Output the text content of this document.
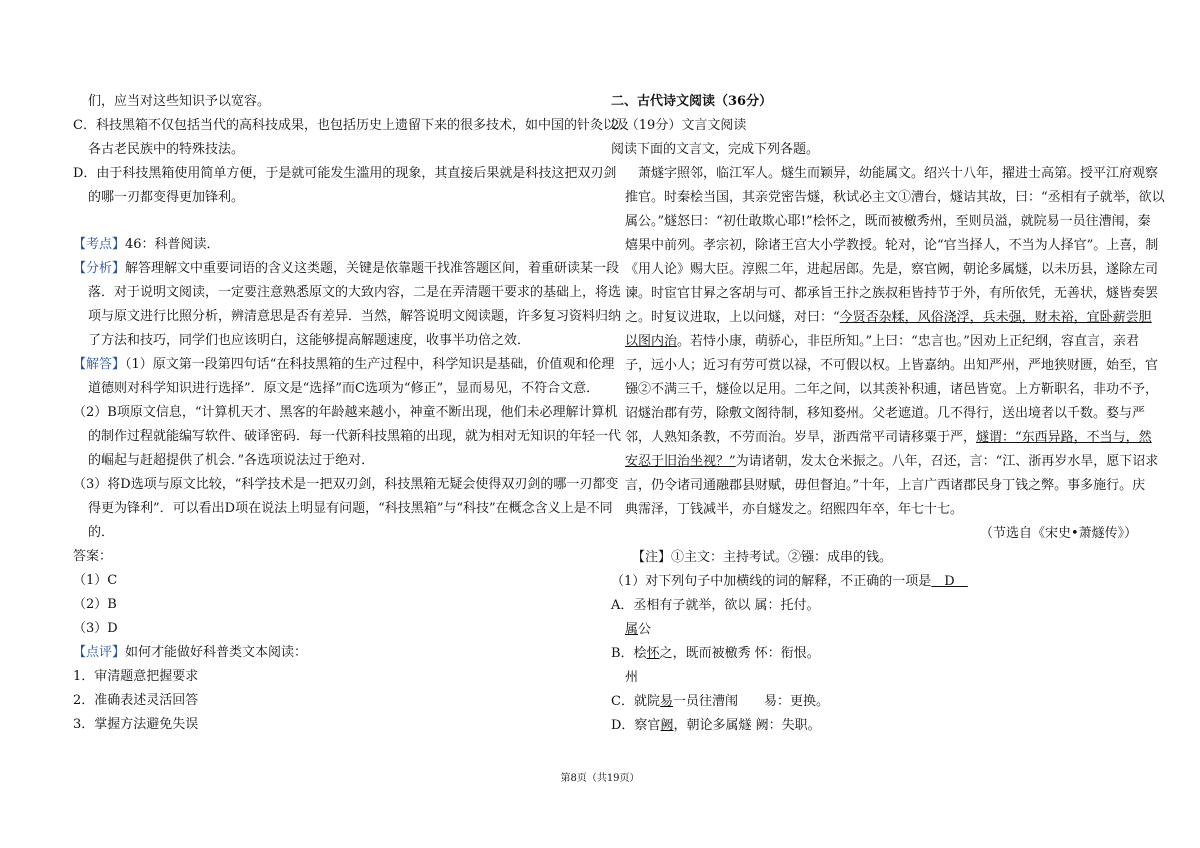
们，应当对这些知识予以宽容。
C．科技黑箱不仅包括当代的高科技成果，也包括历史上遗留下来的很多技术，如中国的针灸以及
各古老民族中的特殊技法。
D．由于科技黑箱使用简单方便，于是就可能发生滥用的现象，其直接后果就是科技这把双刃剑
的哪一刃都变得更加锋利。
【考点】46：科普阅读．
【分析】解答理解文中重要词语的含义这类题，关键是依靠题干找准答题区间，着重研读某一段
落．对于说明文阅读，一定要注意熟悉原文的大致内容，二是在弄清题干要求的基础上，将选
项与原文进行比照分析，辨清意思是否有差异．当然，解答说明文阅读题，许多复习资料归纳
了方法和技巧，同学们也应该明白，这能够提高解题速度，收事半功倍之效．
【解答】（1）原文第一段第四句话“在科技黑箱的生产过程中，科学知识是基础，价值观和伦理
道德则对科学知识进行选择”．原文是“选择”而C选项为“修正”，显而易见，不符合文意．
（2）B项原文信息，“计算机天才、黑客的年龄越来越小，神童不断出现，他们未必理解计算机
的制作过程就能编写软件、破译密码．每一代新科技黑箱的出现，就为相对无知识的年轻一代
的崛起与赶超提供了机会．”各选项说法过于绝对．
（3）将D选项与原文比较，“科学技术是一把双刃剑，科技黑箱无疑会使得双刃剑的哪一刃都变
得更为锋利”．可以看出D项在说法上明显有问题，“科技黑箱”与“科技”在概念含义上是不同
的．
答案：
（1）C
（2）B
（3）D
【点评】如何才能做好科普类文本阅读：
1．审清题意把握要求
2．准确表述灵活回答
3．掌握方法避免失误
二、古代诗文阅读（36分）
2．（19分）文言文阅读
阅读下面的文言文，完成下列各题。
萧燧字照邻，临江军人。燧生而颖异，幼能属文。绍兴十八年，擢进士高第。授平江府观察
推官。时秦桧当国，其亲党密告燧，秋试必主文①漕台，燧诘其故，曰：“丞相有子就举，欲以
属公。”燧怒曰：“初仕敢欺心耶!”桧怀之，既而被檄秀州，至则员溢，就院易一员往漕闱，秦
熺果中前列。孝宗初，除诸王宫大小学教授。轮对，论“官当择人，不当为人择官”。上喜，制
《用人论》赐大臣。淳熙二年，进起居郎。先是，察官阙，朝论多属燧，以未历县，遂除左司
谏。时宦官甘昪之客胡与可、都承旨王抃之族叔秬皆持节于外，有所依凭，无善状，燧皆奏罢
之。时复议进取，上以问燧，对曰：“今贤否杂糅，风俗浇浮，兵未强，财未裕，宜卧薪尝胆
以图内治。若恃小康，萌骄心，非臣所知。”上曰：“忠言也。”因劝上正纪纲，容直言，亲君
子，远小人；近习有劳可赏以禄，不可假以权。上皆嘉纳。出知严州，严地狭财匮，始至，官
镪②不满三千，燧俭以足用。二年之间，以其羡补积逋，诸邑皆宽。上方靳职名，非功不予，
诏燧治郡有劳，除敷文阁待制，移知婺州。父老遮道。几不得行，送出境者以千数。婺与严
邻，人熟知条教，不劳而治。岁旱，浙西常平司请移粟于严，燧谓：“东西异路，不当与，然
安忍于旧治坐视？”为请诸朝，发太仓米振之。八年，召还，言：“江、浙再岁水旱，愿下诏求
言，仍令诸司通融郡县财赋，毋但督迫。”十年，上言广西诸郡民身丁钱之弊。事多施行。庆
典霈泽，丁钱减半，亦自燧发之。绍熙四年卒，年七十七。
（节选自《宋史•萧燧传》）
【注】①主文：主持考试。②镪：成串的钱。
（1）对下列句子中加横线的词的解释，不正确的一项是　D　
A．丞相有子就举，欲以 属：托付。
属公
B．桧怀之，既而被檄秀 怀：衔恨。
州
C．就院易一员往漕闱　　易：更换。
D．察官阙，朝论多属燧 阙：失职。
第8页（共19页）
